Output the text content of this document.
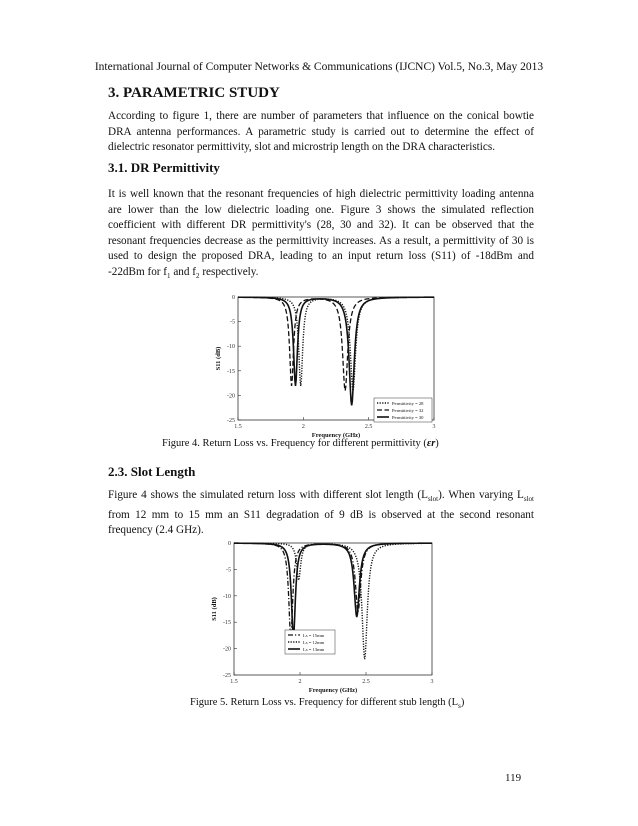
International Journal of Computer Networks & Communications (IJCNC) Vol.5, No.3, May 2013
3. PARAMETRIC STUDY
According to figure 1, there are number of parameters that influence on the conical bowtie DRA antenna performances. A parametric study is carried out to determine the effect of dielectric resonator permittivity, slot and microstrip length on the DRA characteristics.
3.1. DR Permittivity
It is well known that the resonant frequencies of high dielectric permittivity loading antenna are lower than the low dielectric loading one. Figure 3 shows the simulated reflection coefficient with different DR permittivity's (28, 30 and 32). It can be observed that the resonant frequencies decrease as the permittivity increases. As a result, a permittivity of 30 is used to design the proposed DRA, leading to an input return loss (S11) of -18dBm and -22dBm for $f_1$ and $f_2$ respectively.
1.5	2	2.5	3
0
-5
-10
-15
-20
-25
Frequency (GHz)
S11 (dB)
Permittivity = 28
Permittivity = 32
Permittivity = 30
Figure 4. Return Loss vs. Frequency for different permittivity (εr)
2.3. Slot Length
Figure 4 shows the simulated return loss with different slot length $(L_{slot})$. When varying $L_{slot}$ from 12 mm to 15 mm an S11 degradation of 9 dB is observed at the second resonant frequency (2.4 GHz).
1.5	2	2.5	3
0
-5
-10
-15
-20
-25
Frequency (GHz)
S11 (dB)
Ls = 15mm
Ls = 12mm
Ls = 13mm
Figure 5. Return Loss vs. Frequency for different stub length $(L_s)$
119
